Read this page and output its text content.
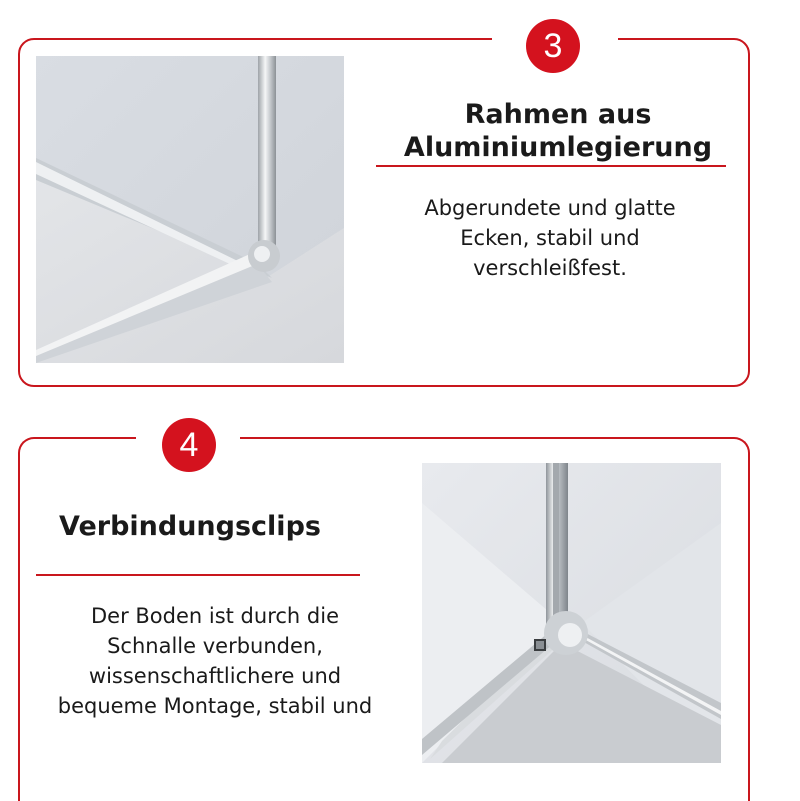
3
Rahmen aus
Aluminiumlegierung
Abgerundete und glatte
Ecken, stabil und
verschleißfest.
4
Verbindungsclips
Der Boden ist durch die
Schnalle verbunden,
wissenschaftlichere und
bequeme Montage, stabil und
